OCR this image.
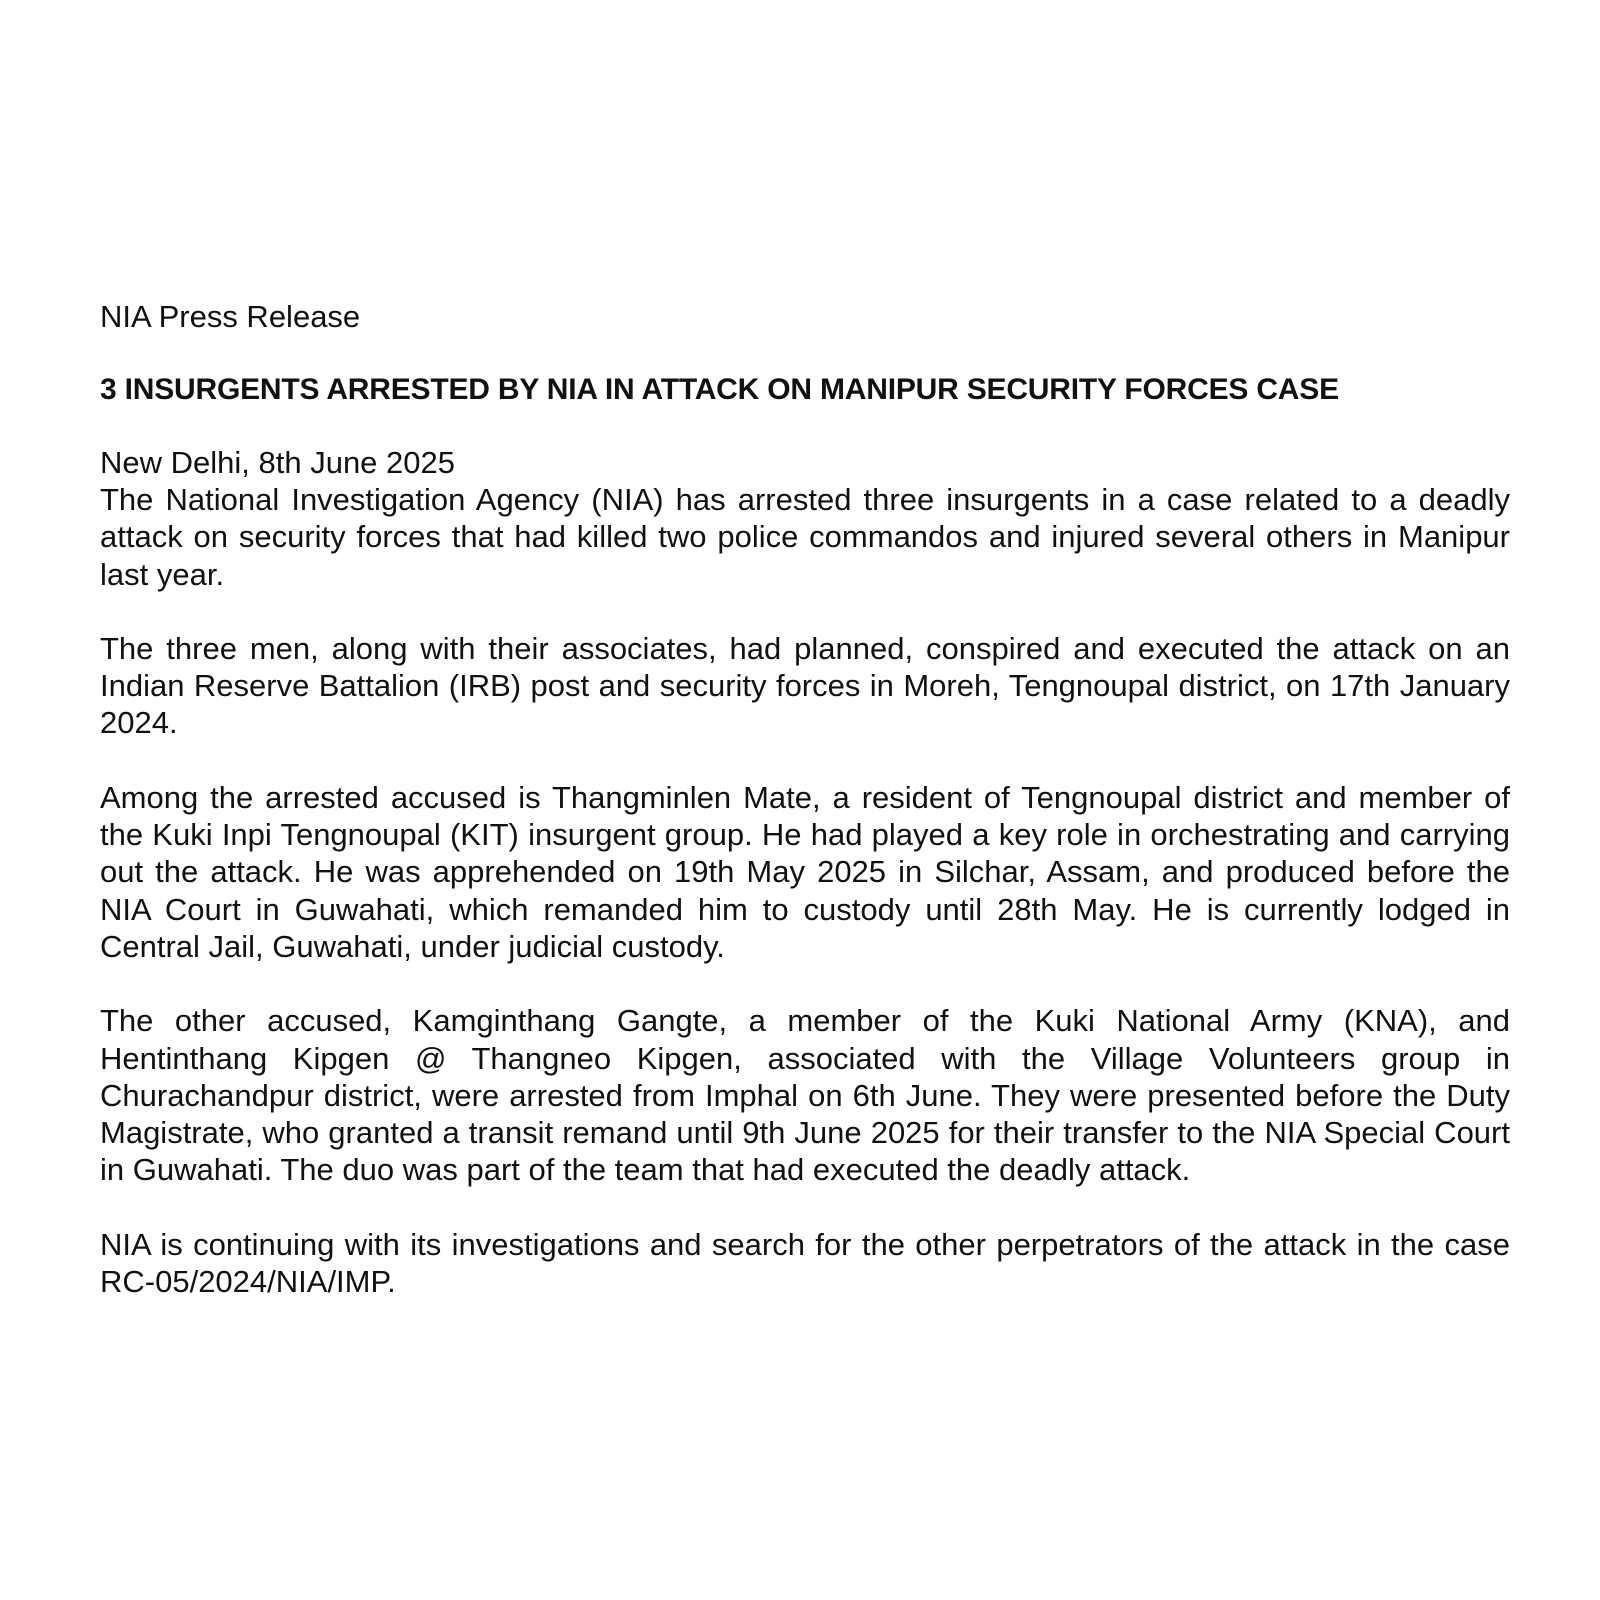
NIA Press Release

3 INSURGENTS ARRESTED BY NIA IN ATTACK ON MANIPUR SECURITY FORCES CASE

New Delhi, 8th June 2025

The National Investigation Agency (NIA) has arrested three insurgents in a case related to a deadly attack on security forces that had killed two police commandos and injured several others in Manipur last year.

The three men, along with their associates, had planned, conspired and executed the attack on an Indian Reserve Battalion (IRB) post and security forces in Moreh, Tengnoupal district, on 17th January 2024.

Among the arrested accused is Thangminlen Mate, a resident of Tengnoupal district and member of the Kuki Inpi Tengnoupal (KIT) insurgent group. He had played a key role in orchestrating and carrying out the attack. He was apprehended on 19th May 2025 in Silchar, Assam, and produced before the NIA Court in Guwahati, which remanded him to custody until 28th May. He is currently lodged in Central Jail, Guwahati, under judicial custody.

The other accused, Kamginthang Gangte, a member of the Kuki National Army (KNA), and Hentinthang Kipgen @ Thangneo Kipgen, associated with the Village Volunteers group in Churachandpur district, were arrested from Imphal on 6th June. They were presented before the Duty Magistrate, who granted a transit remand until 9th June 2025 for their transfer to the NIA Special Court in Guwahati. The duo was part of the team that had executed the deadly attack.

NIA is continuing with its investigations and search for the other perpetrators of the attack in the case RC-05/2024/NIA/IMP.
